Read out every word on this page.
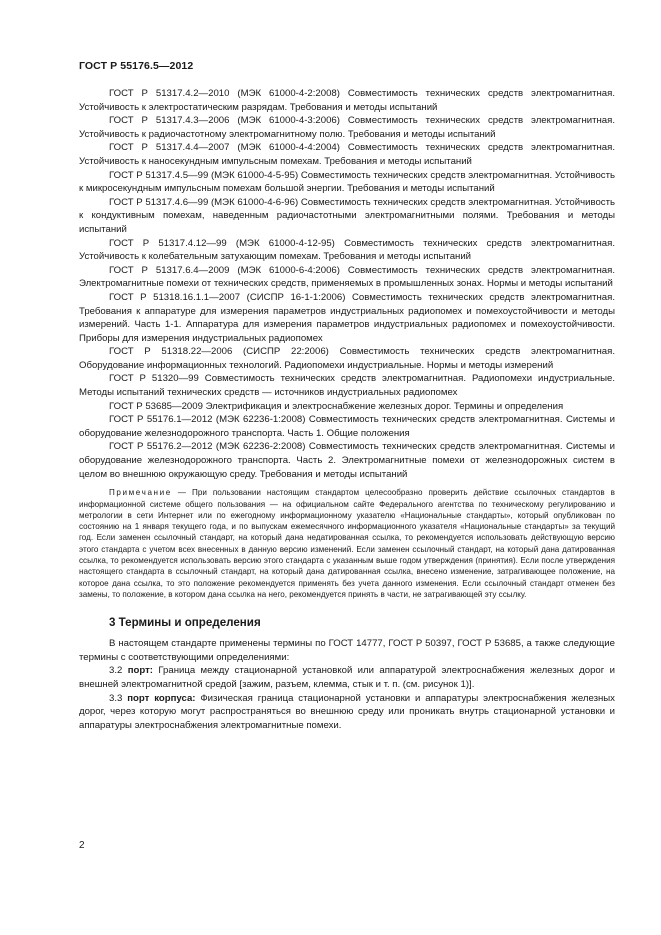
ГОСТ Р 55176.5—2012

ГОСТ Р 51317.4.2—2010 (МЭК 61000-4-2:2008) Совместимость технических средств электромагнитная. Устойчивость к электростатическим разрядам. Требования и методы испытаний

ГОСТ Р 51317.4.3—2006 (МЭК 61000-4-3:2006) Совместимость технических средств электромагнитная. Устойчивость к радиочастотному электромагнитному полю. Требования и методы испытаний

ГОСТ Р 51317.4.4—2007 (МЭК 61000-4-4:2004) Совместимость технических средств электромагнитная. Устойчивость к наносекундным импульсным помехам. Требования и методы испытаний

ГОСТ Р 51317.4.5—99 (МЭК 61000-4-5-95) Совместимость технических средств электромагнитная. Устойчивость к микросекундным импульсным помехам большой энергии. Требования и методы испытаний

ГОСТ Р 51317.4.6—99 (МЭК 61000-4-6-96) Совместимость технических средств электромагнитная. Устойчивость к кондуктивным помехам, наведенным радиочастотными электромагнитными полями. Требования и методы испытаний

ГОСТ Р 51317.4.12—99 (МЭК 61000-4-12-95) Совместимость технических средств электромагнитная. Устойчивость к колебательным затухающим помехам. Требования и методы испытаний

ГОСТ Р 51317.6.4—2009 (МЭК 61000-6-4:2006) Совместимость технических средств электромагнитная. Электромагнитные помехи от технических средств, применяемых в промышленных зонах. Нормы и методы испытаний

ГОСТ Р 51318.16.1.1—2007 (СИСПР 16-1-1:2006) Совместимость технических средств электромагнитная. Требования к аппаратуре для измерения параметров индустриальных радиопомех и помехоустойчивости и методы измерений. Часть 1-1. Аппаратура для измерения параметров индустриальных радиопомех и помехоустойчивости. Приборы для измерения индустриальных радиопомех

ГОСТ Р 51318.22—2006 (СИСПР 22:2006) Совместимость технических средств электромагнитная. Оборудование информационных технологий. Радиопомехи индустриальные. Нормы и методы измерений

ГОСТ Р 51320—99 Совместимость технических средств электромагнитная. Радиопомехи индустриальные. Методы испытаний технических средств — источников индустриальных радиопомех

ГОСТ Р 53685—2009 Электрификация и электроснабжение железных дорог. Термины и определения

ГОСТ Р 55176.1—2012 (МЭК 62236-1:2008) Совместимость технических средств электромагнитная. Системы и оборудование железнодорожного транспорта. Часть 1. Общие положения

ГОСТ Р 55176.2—2012 (МЭК 62236-2:2008) Совместимость технических средств электромагнитная. Системы и оборудование железнодорожного транспорта. Часть 2. Электромагнитные помехи от железнодорожных систем в целом во внешнюю окружающую среду. Требования и методы испытаний

Примечание — При пользовании настоящим стандартом целесообразно проверить действие ссылочных стандартов в информационной системе общего пользования — на официальном сайте Федерального агентства по техническому регулированию и метрологии в сети Интернет или по ежегодному информационному указателю «Национальные стандарты», который опубликован по состоянию на 1 января текущего года, и по выпускам ежемесячного информационного указателя «Национальные стандарты» за текущий год. Если заменен ссылочный стандарт, на который дана недатированная ссылка, то рекомендуется использовать действующую версию этого стандарта с учетом всех внесенных в данную версию изменений. Если заменен ссылочный стандарт, на который дана датированная ссылка, то рекомендуется использовать версию этого стандарта с указанным выше годом утверждения (принятия). Если после утверждения настоящего стандарта в ссылочный стандарт, на который дана датированная ссылка, внесено изменение, затрагивающее положение, на которое дана ссылка, то это положение рекомендуется применять без учета данного изменения. Если ссылочный стандарт отменен без замены, то положение, в котором дана ссылка на него, рекомендуется принять в части, не затрагивающей эту ссылку.

3 Термины и определения

В настоящем стандарте применены термины по ГОСТ 14777, ГОСТ Р 50397, ГОСТ Р 53685, а также следующие термины с соответствующими определениями:

3.2 порт: Граница между стационарной установкой или аппаратурой электроснабжения железных дорог и внешней электромагнитной средой [зажим, разъем, клемма, стык и т. п. (см. рисунок 1)].

3.3 порт корпуса: Физическая граница стационарной установки и аппаратуры электроснабжения железных дорог, через которую могут распространяться во внешнюю среду или проникать внутрь стационарной установки и аппаратуры электроснабжения электромагнитные помехи.

2
